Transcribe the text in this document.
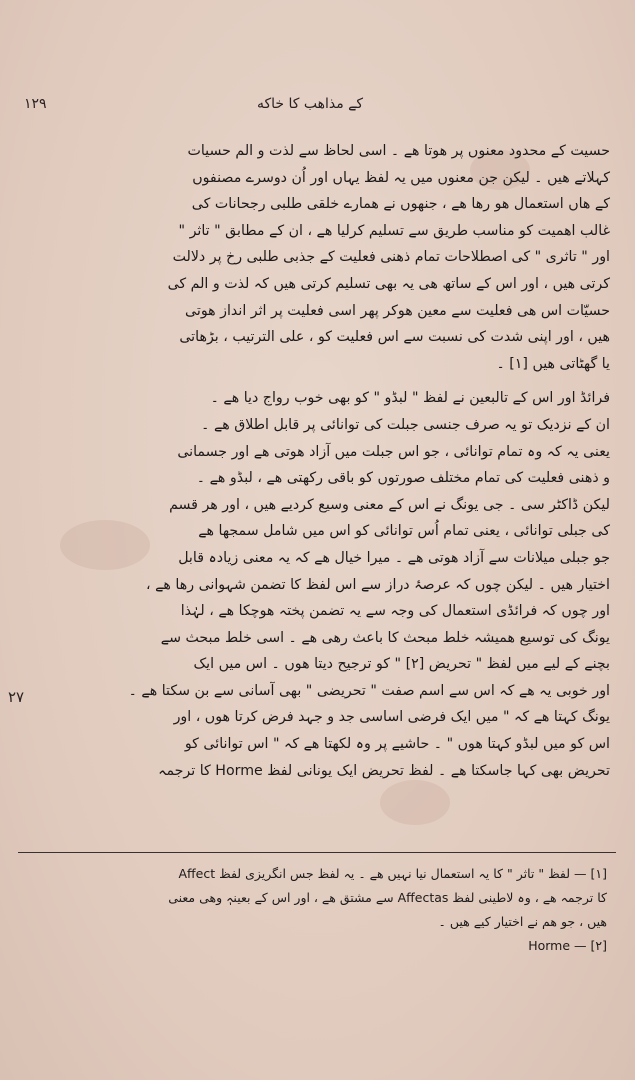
۱۲۹	کے مذاهب کا خاکه

حسیت کے محدود معنوں پر هوتا هے ۔ اسی لحاظ سے لذت و الم حسیات

کہلاتے هیں ۔ لیکن جن معنوں میں یہ لفظ یہاں اور اُن دوسرے مصنفوں

کے هاں استعمال هو رها هے ، جنھوں نے همارے خلقی طلبی رجحانات کی

غالب اهمیت کو مناسب طریق سے تسلیم کرلیا هے ، ان کے مطابق " تاثر "

اور " تاثری " کی اصطلاحات تمام ذهنی فعلیت کے جذبی طلبی رخ پر دلالت

کرتی هیں ، اور اس کے ساتھ هی یہ بھی تسلیم کرتی هیں کہ لذت و الم کی

حسیّات اس هی فعلیت سے معین هوکر پھر اسی فعلیت پر اثر انداز هوتی

هیں ، اور اپنی شدت کی نسبت سے اس فعلیت کو ، علی الترتیب ، بڑھاتی

یا گھٹاتی هیں [۱] ۔

فرائڈ اور اس کے تالبعین نے لفظ " لبڈو " کو بھی خوب رواج دیا هے ۔

ان کے نزدیک تو یہ صرف جنسی جبلت کی توانائی پر قابل اطلاق هے ۔

یعنی یہ کہ وہ تمام توانائی ، جو اس جبلت میں آزاد هوتی هے اور جسمانی

و ذهنی فعلیت کی تمام مختلف صورتوں کو باقی رکھتی هے ، لبڈو هے ۔

لیکن ڈاکٹر سی ۔ جی یونگ نے اس کے معنی وسیع کردیے هیں ، اور هر قسم

کی جبلی توانائی ، یعنی تمام اُس توانائی کو اس میں شامل سمجھا هے

جو جبلی میلانات سے آزاد هوتی هے ۔ میرا خیال هے کہ یہ معنی زیادہ قابل

اختیار هیں ۔ لیکن چوں کہ عرصۂ دراز سے اس لفظ کا تضمن شہوانی رها هے ،

اور چوں کہ فرائڈی استعمال کی وجہ سے یہ تضمن پختہ هوچکا هے ، لہٰذا

یونگ کی توسیع همیشہ خلط مبحث کا باعث رهی هے ۔ اسی خلط مبحث سے

بچنے کے لیے میں لفظ " تحریض [۲] " کو ترجیح دیتا هوں ۔ اس میں ایک

اور خوبی یہ هے کہ اس سے اسم صفت " تحریضی " بھی آسانی سے بن سکتا هے ۔

یونگ کہتا هے کہ " میں ایک فرضی اساسی جد و جہد فرض کرتا هوں ، اور

اس کو میں لبڈو کہتا هوں " ۔ حاشیے پر وہ لکھتا هے کہ " اس توانائی کو

تحریض بھی کہا جاسکتا هے ۔ لفظ تحریض ایک یونانی لفظ Horme کا ترجمہ

۲۷

[۱] — لفظ " تاثر " کا یہ استعمال نیا نہیں هے ۔ یہ لفظ جس انگریزی لفظ Affect

کا ترجمہ هے ، وہ لاطینی لفظ Affectas سے مشتق هے ، اور اس کے بعینہٖ وهی معنی

هیں ، جو هم نے اختیار کیے هیں ۔

[۲] — Horme
